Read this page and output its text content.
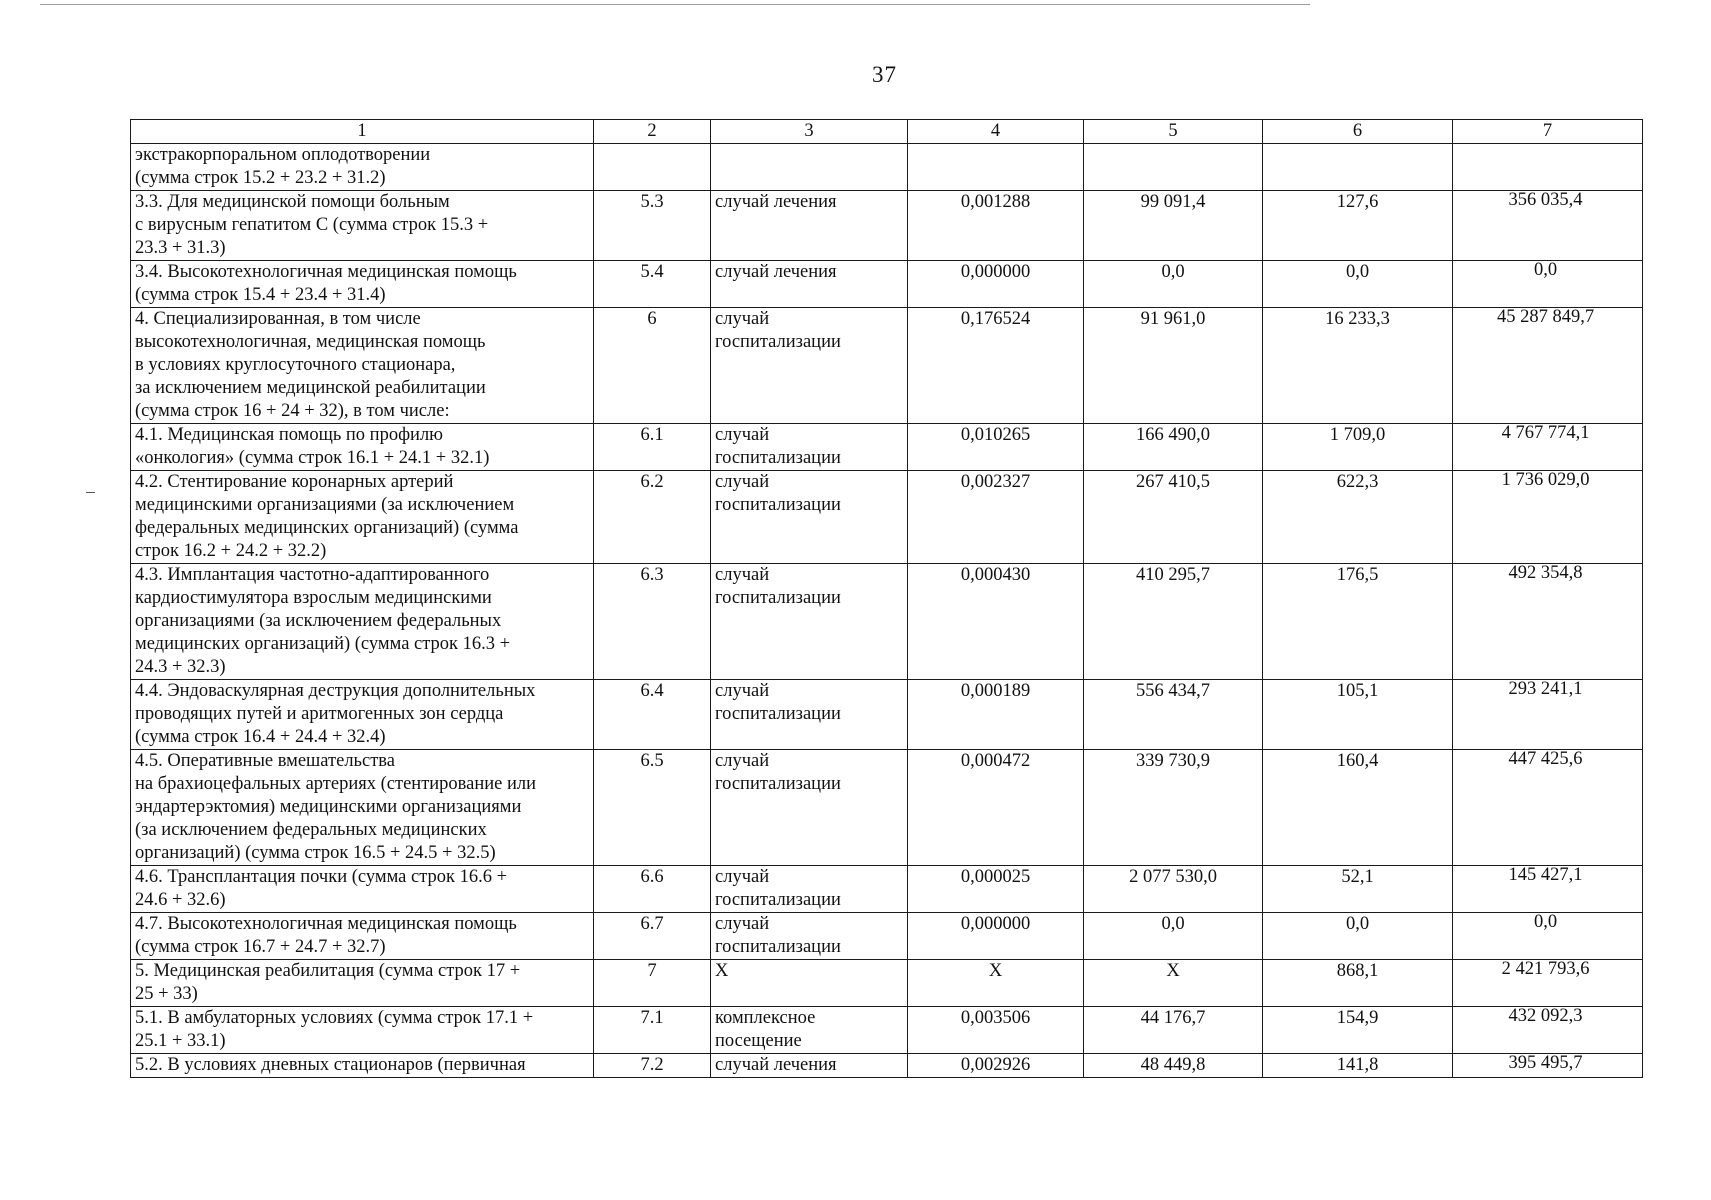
37
1	2	3	4	5	6	7

экстракорпоральном оплодотворении
(сумма строк 15.2 + 23.2 + 31.2)						

3.3. Для медицинской помощи больным
с вирусным гепатитом С (сумма строк 15.3 +
23.3 + 31.3)	5.3	случай лечения	0,001288	99 091,4	127,6	356 035,4

3.4. Высокотехнологичная медицинская помощь
(сумма строк 15.4 + 23.4 + 31.4)	5.4	случай лечения	0,000000	0,0	0,0	0,0

4. Специализированная, в том числе
высокотехнологичная, медицинская помощь
в условиях круглосуточного стационара,
за исключением медицинской реабилитации
(сумма строк 16 + 24 + 32), в том числе:	6	случай
госпитализации	0,176524	91 961,0	16 233,3	45 287 849,7

4.1. Медицинская помощь по профилю
«онкология» (сумма строк 16.1 + 24.1 + 32.1)	6.1	случай
госпитализации	0,010265	166 490,0	1 709,0	4 767 774,1

4.2. Стентирование коронарных артерий
медицинскими организациями (за исключением
федеральных медицинских организаций) (сумма
строк 16.2 + 24.2 + 32.2)	6.2	случай
госпитализации	0,002327	267 410,5	622,3	1 736 029,0

4.3. Имплантация частотно-адаптированного
кардиостимулятора взрослым медицинскими
организациями (за исключением федеральных
медицинских организаций) (сумма строк 16.3 +
24.3 + 32.3)	6.3	случай
госпитализации	0,000430	410 295,7	176,5	492 354,8

4.4. Эндоваскулярная деструкция дополнительных
проводящих путей и аритмогенных зон сердца
(сумма строк 16.4 + 24.4 + 32.4)	6.4	случай
госпитализации	0,000189	556 434,7	105,1	293 241,1

4.5. Оперативные вмешательства
на брахиоцефальных артериях (стентирование или
эндартерэктомия) медицинскими организациями
(за исключением федеральных медицинских
организаций) (сумма строк 16.5 + 24.5 + 32.5)	6.5	случай
госпитализации	0,000472	339 730,9	160,4	447 425,6

4.6. Трансплантация почки (сумма строк 16.6 +
24.6 + 32.6)	6.6	случай
госпитализации	0,000025	2 077 530,0	52,1	145 427,1

4.7. Высокотехнологичная медицинская помощь
(сумма строк 16.7 + 24.7 + 32.7)	6.7	случай
госпитализации	0,000000	0,0	0,0	0,0

5. Медицинская реабилитация (сумма строк 17 +
25 + 33)	7	Х	Х	Х	868,1	2 421 793,6

5.1. В амбулаторных условиях (сумма строк 17.1 +
25.1 + 33.1)	7.1	комплексное
посещение	0,003506	44 176,7	154,9	432 092,3

5.2. В условиях дневных стационаров (первичная	7.2	случай лечения	0,002926	48 449,8	141,8	395 495,7
